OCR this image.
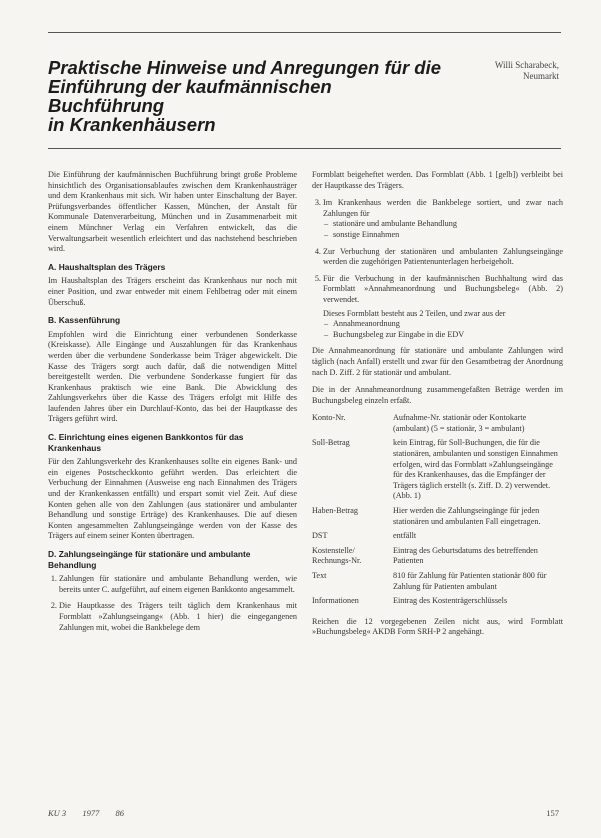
Praktische Hinweise und Anregungen für die
Einführung der kaufmännischen Buchführung
in Krankenhäusern
Willi Scharabeck,
Neumarkt

Die Einführung der kaufmännischen Buchführung bringt große Probleme hinsichtlich des Organisationsablaufes zwischen dem Krankenhausträger und dem Krankenhaus mit sich. Wir haben unter Einschaltung der Bayer. Prüfungsverbandes öffentlicher Kassen, München, der Anstalt für Kommunale Datenverarbeitung, München und in Zusammenarbeit mit einem Münchner Verlag ein Verfahren entwickelt, das die Verwaltungsarbeit wesentlich erleichtert und das nachstehend beschrieben wird.

A. Haushaltsplan des Trägers

Im Haushaltsplan des Trägers erscheint das Krankenhaus nur noch mit einer Position, und zwar entweder mit einem Fehlbetrag oder mit einem Überschuß.

B. Kassenführung

Empfohlen wird die Einrichtung einer verbundenen Sonderkasse (Kreiskasse). Alle Eingänge und Auszahlungen für das Krankenhaus werden über die verbundene Sonderkasse beim Träger abgewickelt. Die Kasse des Trägers sorgt auch dafür, daß die notwendigen Mittel bereitgestellt werden. Die verbundene Sonderkasse fungiert für das Krankenhaus praktisch wie eine Bank. Die Abwicklung des Zahlungsverkehrs über die Kasse des Trägers erfolgt mit Hilfe des laufenden Jahres über ein Durchlauf-Konto, das bei der Hauptkasse des Trägers geführt wird.

C. Einrichtung eines eigenen Bankkontos für das Krankenhaus

Für den Zahlungsverkehr des Krankenhauses sollte ein eigenes Bank- und ein eigenes Postscheckkonto geführt werden. Das erleichtert die Verbuchung der Einnahmen (Ausweise eng nach Einnahmen des Trägers und der Krankenkassen entfällt) und erspart somit viel Zeit. Auf diese Konten gehen alle von den Zahlungen (aus stationärer und ambulanter Behandlung und sonstige Erträge) des Krankenhauses. Die auf diesen Konten angesammelten Zahlungseingänge werden von der Kasse des Trägers auf einem seiner Konten übertragen.

D. Zahlungseingänge für stationäre und ambulante Behandlung
1. Zahlungen für stationäre und ambulante Behandlung werden, wie bereits unter C. aufgeführt, auf einem eigenen Bankkonto angesammelt.
2. Die Hauptkasse des Trägers teilt täglich dem Krankenhaus mit Formblatt »Zahlungseingang« (Abb. 1 hier) die eingegangenen Zahlungen mit, wobei die Bankbelege dem

Formblatt beigeheftet werden. Das Formblatt (Abb. 1 [gelb]) verbleibt bei der Hauptkasse des Trägers.

3. Im Krankenhaus werden die Bankbelege sortiert, und zwar nach Zahlungen für
– stationäre und ambulante Behandlung
– sonstige Einnahmen
4. Zur Verbuchung der stationären und ambulanten Zahlungseingänge werden die zugehörigen Patientenunterlagen herbeigeholt.
5. Für die Verbuchung in der kaufmännischen Buchhaltung wird das Formblatt »Annahmeanordnung und Buchungsbeleg« (Abb. 2) verwendet.
Dieses Formblatt besteht aus 2 Teilen, und zwar aus der
– Annahmeanordnung
– Buchungsbeleg zur Eingabe in die EDV

Die Annahmeanordnung für stationäre und ambulante Zahlungen wird täglich (nach Anfall) erstellt und zwar für den Gesamtbetrag der Anordnung nach D. Ziff. 2 für stationär und ambulant.

Die in der Annahmeanordnung zusammengefaßten Beträge werden im Buchungsbeleg einzeln erfaßt.

Konto-Nr.	Aufnahme-Nr. stationär oder Kontokarte (ambulant) (5 = stationär, 3 = ambulant)
Soll-Betrag	kein Eintrag, für Soll-Buchungen, die für die stationären, ambulanten und sonstigen Einnahmen erfolgen, wird das Formblatt »Zahlungseingänge für des Krankenhauses, das die Empfänger der Trägers täglich erstellt (s. Ziff. D. 2) verwendet. (Abb. 1)
Haben-Betrag	Hier werden die Zahlungseingänge für jeden stationären und ambulanten Fall eingetragen.
DST	entfällt
Kostenstelle/ Rechnungs-Nr.	Eintrag des Geburtsdatums des betreffenden Patienten
Text	810 für Zahlung für Patienten stationär 800 für Zahlung für Patienten ambulant
Informationen	Eintrag des Kostenträgerschlüssels

Reichen die 12 vorgegebenen Zeilen nicht aus, wird Formblatt »Buchungsbeleg« AKDB Form SRH-P 2 angehängt.

KU 3 1977 86	157
